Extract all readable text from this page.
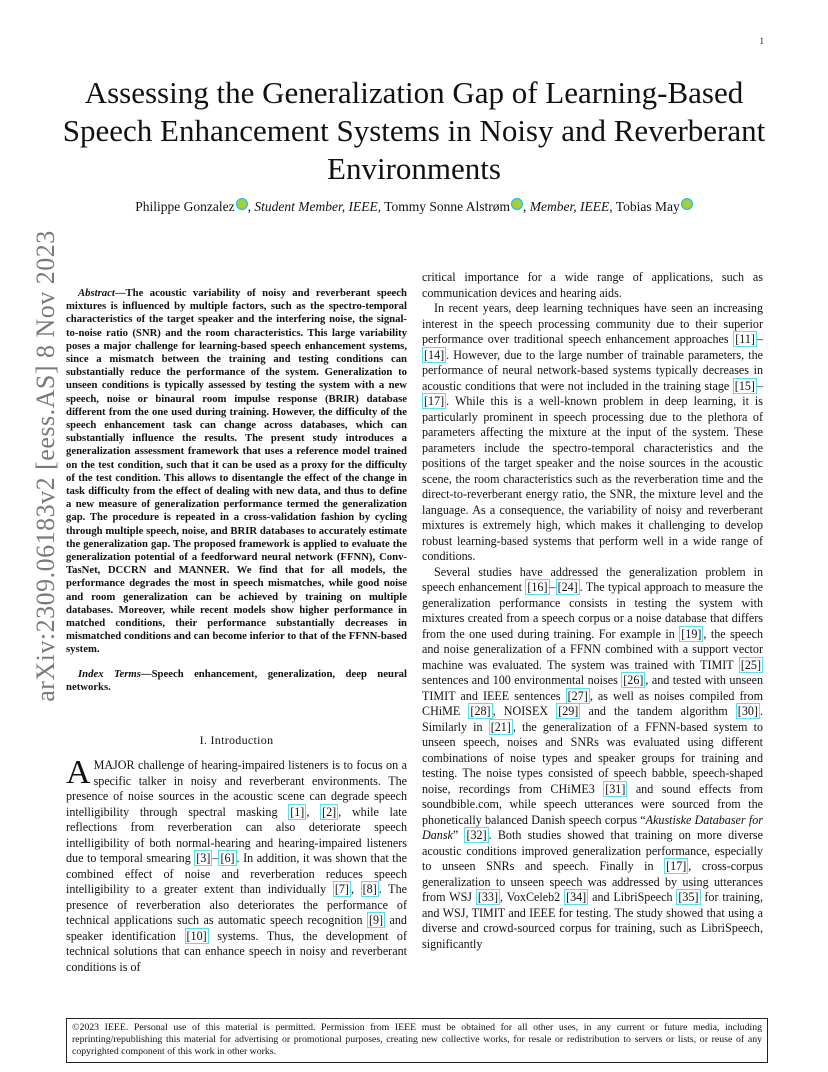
1
arXiv:2309.06183v2 [eess.AS] 8 Nov 2023
Assessing the Generalization Gap of Learning-Based Speech Enhancement Systems in Noisy and Reverberant Environments
Philippe Gonzalez , Student Member, IEEE, Tommy Sonne Alstrøm , Member, IEEE, Tobias May

Abstract—The acoustic variability of noisy and reverberant speech mixtures is influenced by multiple factors, such as the spectro-temporal characteristics of the target speaker and the interfering noise, the signal-to-noise ratio (SNR) and the room characteristics. This large variability poses a major challenge for learning-based speech enhancement systems, since a mismatch between the training and testing conditions can substantially reduce the performance of the system. Generalization to unseen conditions is typically assessed by testing the system with a new speech, noise or binaural room impulse response (BRIR) database different from the one used during training. However, the difficulty of the speech enhancement task can change across databases, which can substantially influence the results. The present study introduces a generalization assessment framework that uses a reference model trained on the test condition, such that it can be used as a proxy for the difficulty of the test condition. This allows to disentangle the effect of the change in task difficulty from the effect of dealing with new data, and thus to define a new measure of generalization performance termed the generalization gap. The procedure is repeated in a cross-validation fashion by cycling through multiple speech, noise, and BRIR databases to accurately estimate the generalization gap. The proposed framework is applied to evaluate the generalization potential of a feedforward neural network (FFNN), Conv-TasNet, DCCRN and MANNER. We find that for all models, the performance degrades the most in speech mismatches, while good noise and room generalization can be achieved by training on multiple databases. Moreover, while recent models show higher performance in matched conditions, their performance substantially decreases in mismatched conditions and can become inferior to that of the FFNN-based system.

Index Terms—Speech enhancement, generalization, deep neural networks.

I. Introduction

AMAJOR challenge of hearing-impaired listeners is to focus on a specific talker in noisy and reverberant environments. The presence of noise sources in the acoustic scene can degrade speech intelligibility through spectral masking [1] , [2] , while late reflections from reverberation can also deteriorate speech intelligibility of both normal-hearing and hearing-impaired listeners due to temporal smearing [3] – [6] . In addition, it was shown that the combined effect of noise and reverberation reduces speech intelligibility to a greater extent than individually [7] , [8] . The presence of reverberation also deteriorates the performance of technical applications such as automatic speech recognition [9] and speaker identification [10] systems. Thus, the development of technical solutions that can enhance speech in noisy and reverberant conditions is of

critical importance for a wide range of applications, such as communication devices and hearing aids.

In recent years, deep learning techniques have seen an increasing interest in the speech processing community due to their superior performance over traditional speech enhancement approaches [11] –[14] . However, due to the large number of trainable parameters, the performance of neural network-based systems typically decreases in acoustic conditions that were not included in the training stage [15] –[17] . While this is a well-known problem in deep learning, it is particularly prominent in speech processing due to the plethora of parameters affecting the mixture at the input of the system. These parameters include the spectro-temporal characteristics and the positions of the target speaker and the noise sources in the acoustic scene, the room characteristics such as the reverberation time and the direct-to-reverberant energy ratio, the SNR, the mixture level and the language. As a consequence, the variability of noisy and reverberant mixtures is extremely high, which makes it challenging to develop robust learning-based systems that perform well in a wide range of conditions.

Several studies have addressed the generalization problem in speech enhancement [16] – [24] . The typical approach to measure the generalization performance consists in testing the system with mixtures created from a speech corpus or a noise database that differs from the one used during training. For example in [19] , the speech and noise generalization of a FFNN combined with a support vector machine was evaluated. The system was trained with TIMIT [25] sentences and 100 environmental noises [26] , and tested with unseen TIMIT and IEEE sentences [27] , as well as noises compiled from CHiME [28] , NOISEX [29] and the tandem algorithm [30] . Similarly in [21] , the generalization of a FFNN-based system to unseen speech, noises and SNRs was evaluated using different combinations of noise types and speaker groups for training and testing. The noise types consisted of speech babble, speech-shaped noise, recordings from CHiME3 [31] and sound effects from soundbible.com, while speech utterances were sourced from the phonetically balanced Danish speech corpus “Akustiske Databaser for Dansk” [32] . Both studies showed that training on more diverse acoustic conditions improved generalization performance, especially to unseen SNRs and speech. Finally in [17] , cross-corpus generalization to unseen speech was addressed by using utterances from WSJ [33] , VoxCeleb2 [34] and LibriSpeech [35] for training, and WSJ, TIMIT and IEEE for testing. The study showed that using a diverse and crowd-sourced corpus for training, such as LibriSpeech, significantly

©2023 IEEE. Personal use of this material is permitted. Permission from IEEE must be obtained for all other uses, in any current or future media, including reprinting/republishing this material for advertising or promotional purposes, creating new collective works, for resale or redistribution to servers or lists, or reuse of any copyrighted component of this work in other works.
